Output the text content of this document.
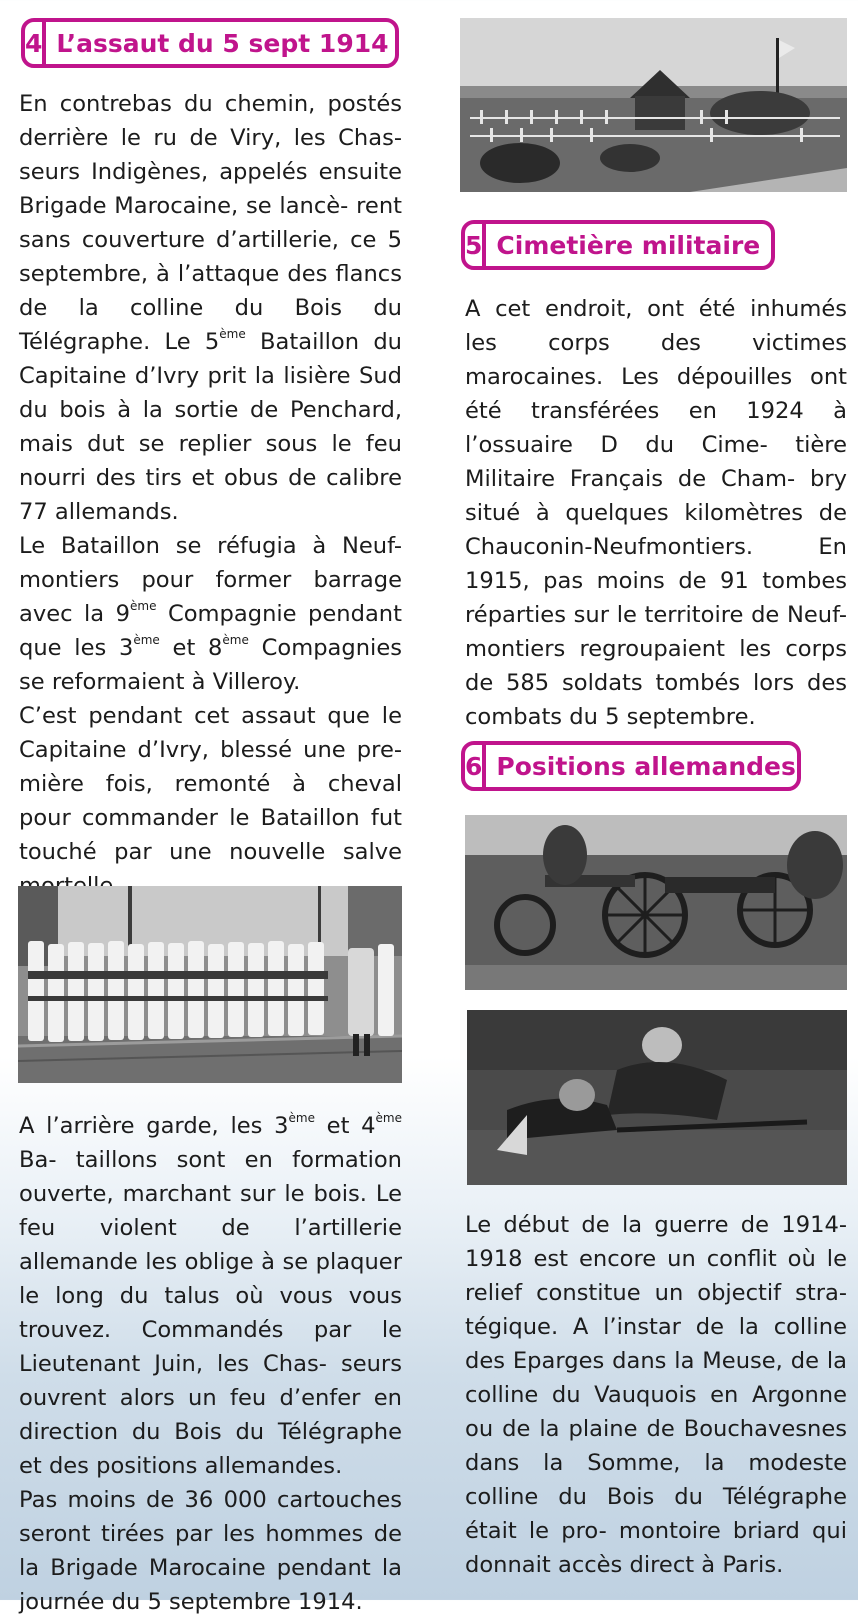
4 L’assaut du 5 sept 1914

En contrebas du chemin, postés derrière le ru de Viry, les Chas- seurs Indigènes, appelés ensuite Brigade Marocaine, se lancè- rent sans couverture d’artillerie, ce 5 septembre, à l’attaque des flancs de la colline du Bois du Télégraphe. Le 5ème Bataillon du Capitaine d’Ivry prit la lisière Sud du bois à la sortie de Penchard, mais dut se replier sous le feu nourri des tirs et obus de calibre 77 allemands.

Le Bataillon se réfugia à Neuf- montiers pour former barrage avec la 9ème Compagnie pendant que les 3ème et 8ème Compagnies se reformaient à Villeroy.

C’est pendant cet assaut que le Capitaine d’Ivry, blessé une pre- mière fois, remonté à cheval pour commander le Bataillon fut touché par une nouvelle salve

A l’arrière garde, les 3ème et 4ème Ba- taillons sont en formation ouverte, marchant sur le bois. Le feu violent de l’artillerie allemande les oblige à se plaquer le long du talus où vous vous trouvez. Commandés par le Lieutenant Juin, les Chas- seurs ouvrent alors un feu d’enfer en direction du Bois du Télégraphe et des positions allemandes.

Pas moins de 36 000 cartouches seront tirées par les hommes de la Brigade Marocaine pendant la journée du 5 septembre 1914.

5 Cimetière militaire

A cet endroit, ont été inhumés les corps des victimes marocaines. Les dépouilles ont été transférées en 1924 à l’ossuaire D du Cime- tière Militaire Français de Cham- bry situé à quelques kilomètres de Chauconin-Neufmontiers. En 1915, pas moins de 91 tombes réparties sur le territoire de Neuf- montiers regroupaient les corps de 585 soldats tombés lors des combats du 5 septembre.

6 Positions allemandes

Le début de la guerre de 1914- 1918 est encore un conflit où le relief constitue un objectif stra- tégique. A l’instar de la colline des Eparges dans la Meuse, de la colline du Vauquois en Argonne ou de la plaine de Bouchavesnes dans la Somme, la modeste colline du Bois du Télégraphe était le pro- montoire briard qui donnait accès direct à Paris.
